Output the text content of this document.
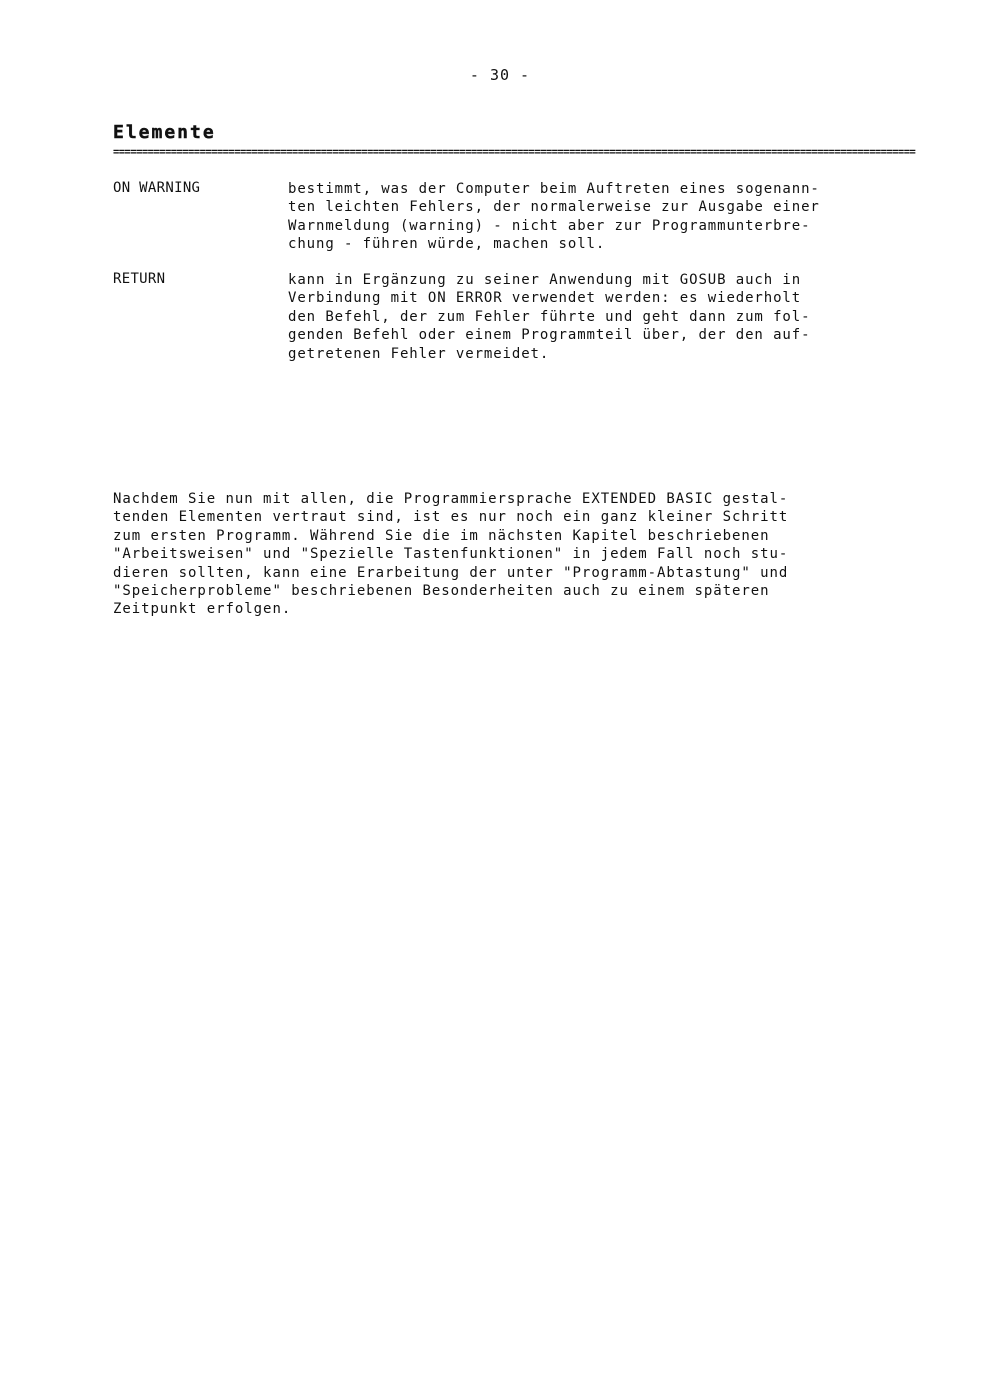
- 30 -
Elemente
===========================================================================================================================================
ON WARNING	bestimmt, was der Computer beim Auftreten eines sogenann-
ten leichten Fehlers, der normalerweise zur Ausgabe einer
Warnmeldung (warning) - nicht aber zur Programmunterbre-
chung - führen würde, machen soll.
RETURN	kann in Ergänzung zu seiner Anwendung mit GOSUB auch in
Verbindung mit ON ERROR verwendet werden: es wiederholt
den Befehl, der zum Fehler führte und geht dann zum fol-
genden Befehl oder einem Programmteil über, der den auf-
getretenen Fehler vermeidet.
Nachdem Sie nun mit allen, die Programmiersprache EXTENDED BASIC gestal-
tenden Elementen vertraut sind, ist es nur noch ein ganz kleiner Schritt
zum ersten Programm. Während Sie die im nächsten Kapitel beschriebenen
"Arbeitsweisen" und "Spezielle Tastenfunktionen" in jedem Fall noch stu-
dieren sollten, kann eine Erarbeitung der unter "Programm-Abtastung" und
"Speicherprobleme" beschriebenen Besonderheiten auch zu einem späteren
Zeitpunkt erfolgen.
